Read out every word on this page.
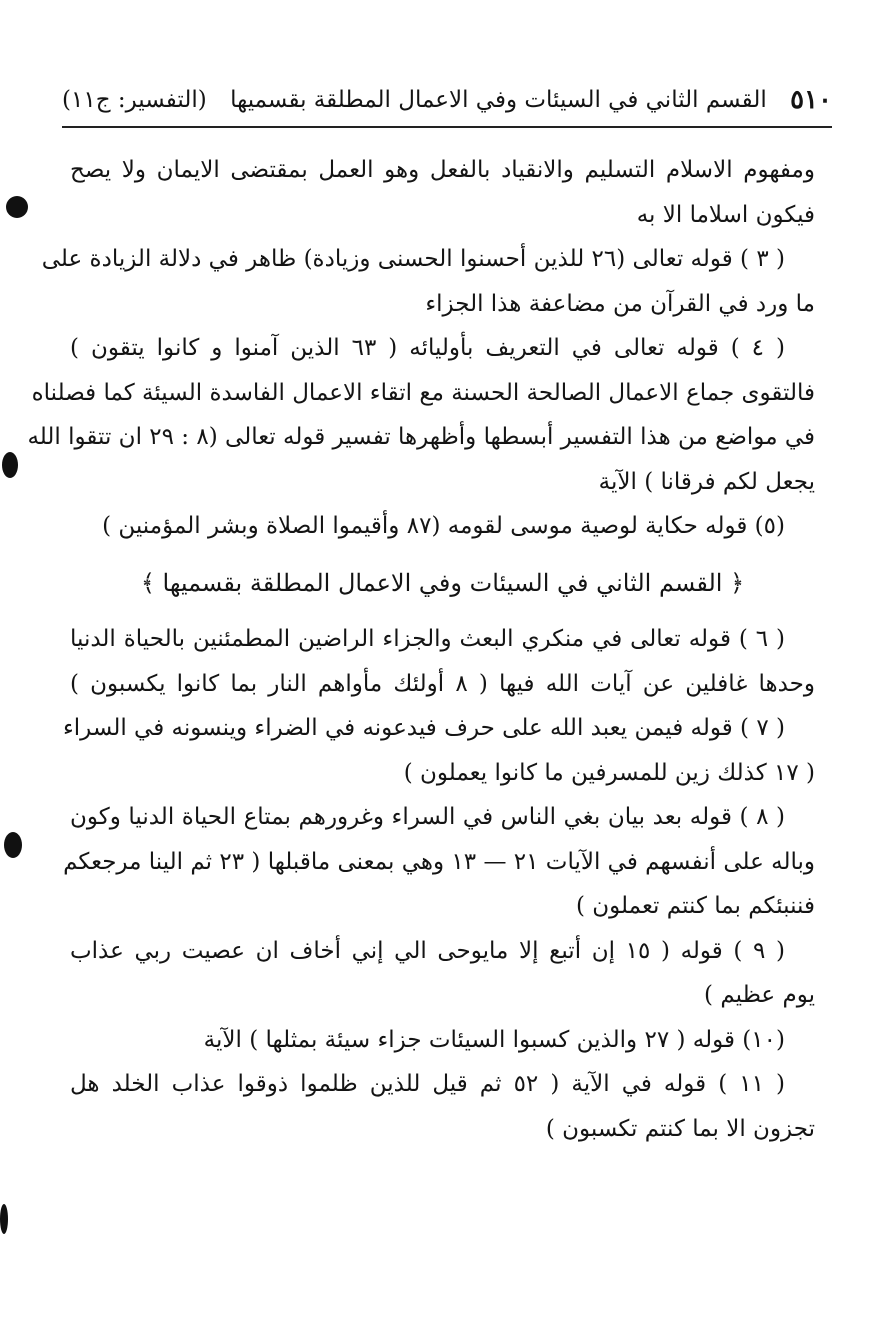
٥١٠
القسم الثاني في السيئات وفي الاعمال المطلقة بقسميها
(التفسير: ج١١)
ومفهوم الاسلام التسليم والانقياد بالفعل وهو العمل بمقتضى الايمان ولا يصح
فيكون اسلاما الا به
( ٣ ) قوله تعالى (٢٦ للذين أحسنوا الحسنى وزيادة) ظاهر في دلالة الزيادة على
ما ورد في القرآن من مضاعفة هذا الجزاء
( ٤ ) قوله تعالى في التعريف بأوليائه ( ٦٣ الذين آمنوا و كانوا يتقون )
فالتقوى جماع الاعمال الصالحة الحسنة مع اتقاء الاعمال الفاسدة السيئة كما فصلناه
في مواضع من هذا التفسير أبسطها وأظهرها تفسير قوله تعالى (٨ : ٢٩ ان تتقوا الله
يجعل لكم فرقانا ) الآية
(٥) قوله حكاية لوصية موسى لقومه (٨٧ وأقيموا الصلاة وبشر المؤمنين )
﴿ القسم الثاني في السيئات وفي الاعمال المطلقة بقسميها ﴾
( ٦ ) قوله تعالى في منكري البعث والجزاء الراضين المطمئنين بالحياة الدنيا
وحدها غافلين عن آيات الله فيها ( ٨ أولئك مأواهم النار بما كانوا يكسبون )
( ٧ ) قوله فيمن يعبد الله على حرف فيدعونه في الضراء وينسونه في السراء
( ١٧ كذلك زين للمسرفين ما كانوا يعملون )
( ٨ ) قوله بعد بيان بغي الناس في السراء وغرورهم بمتاع الحياة الدنيا وكون
وباله على أنفسهم في الآيات ٢١ — ١٣ وهي بمعنى ماقبلها ( ٢٣ ثم الينا مرجعكم
فننبئكم بما كنتم تعملون )
( ٩ ) قوله ( ١٥ إن أتبع إلا مايوحى الي إني أخاف ان عصيت ربي عذاب
يوم عظيم )
(١٠) قوله ( ٢٧ والذين كسبوا السيئات جزاء سيئة بمثلها ) الآية
( ١١ ) قوله في الآية ( ٥٢ ثم قيل للذين ظلموا ذوقوا عذاب الخلد هل
تجزون الا بما كنتم تكسبون )
